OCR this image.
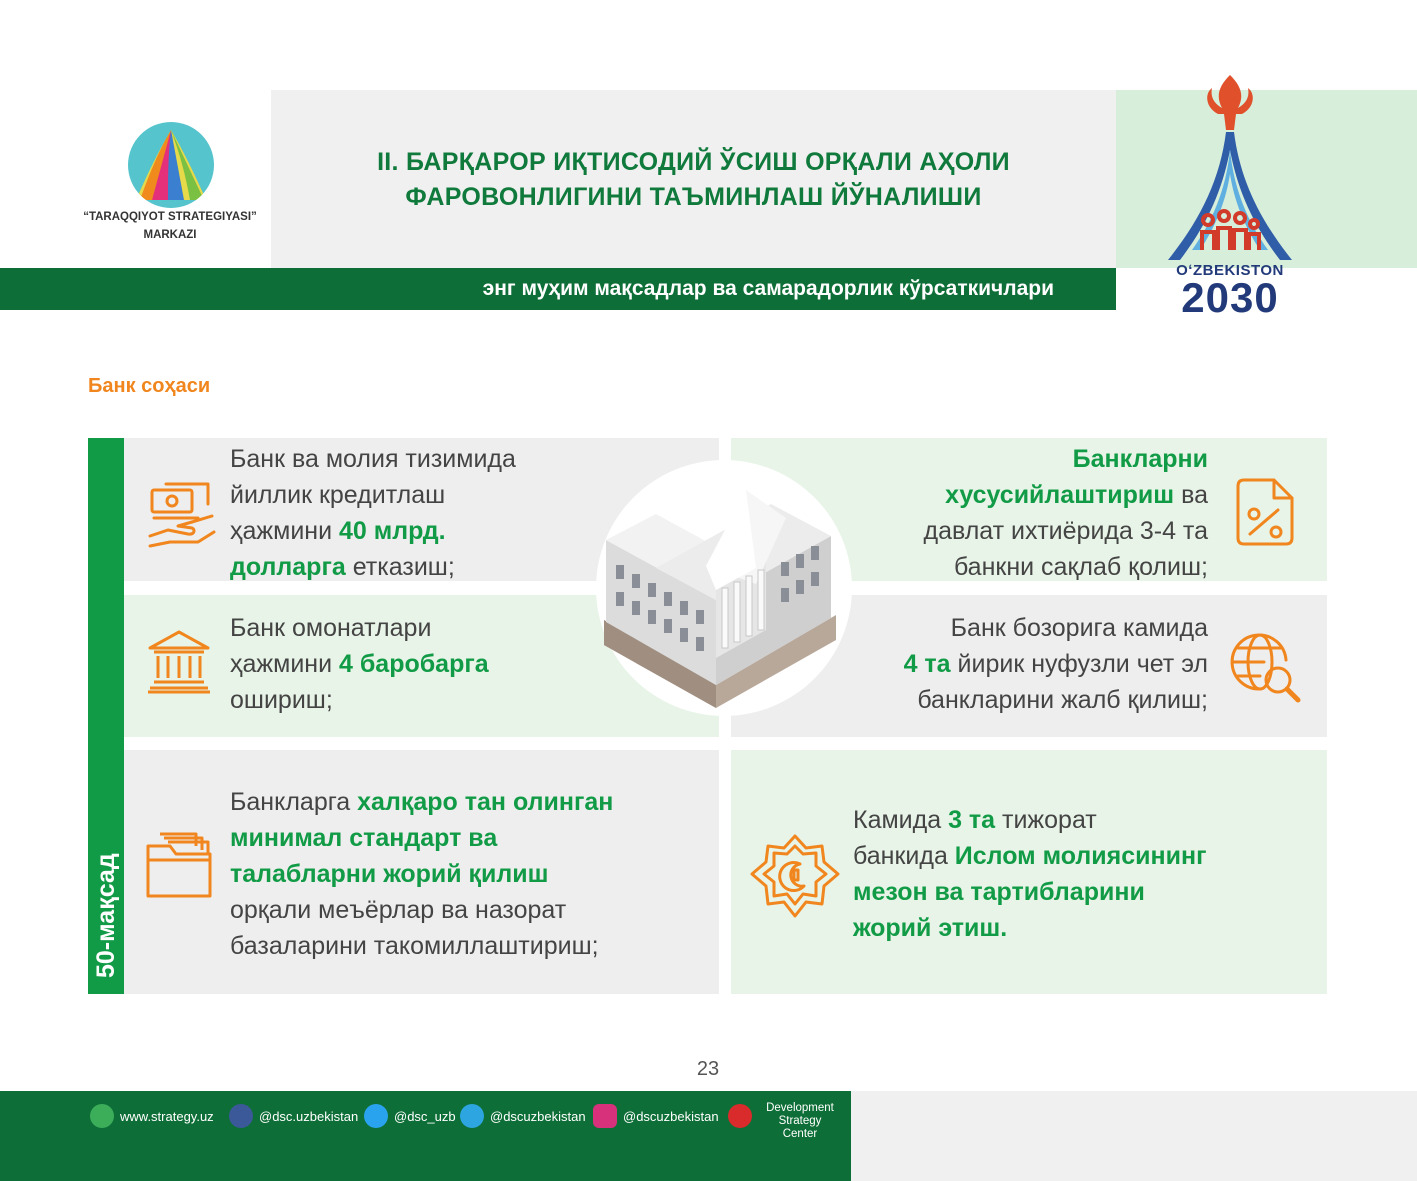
“TARAQQIYOT STRATEGIYASI”
MARKAZI
II. БАРҚАРОР ИҚТИСОДИЙ ЎСИШ ОРҚАЛИ АҲОЛИ
ФАРОВОНЛИГИНИ ТАЪМИНЛАШ ЙЎНАЛИШИ
энг муҳим мақсадлар ва самарадорлик кўрсаткичлари
OʻZBEKISTON
2030
Банк соҳаси
50-мақсад
Банк ва молия тизимида
йиллик кредитлаш
ҳажмини 40 млрд.
долларга етказиш;
Банк омонатлари
ҳажмини 4 баробарга
ошириш;
Банкларга халқаро тан олинган
минимал стандарт ва
талабларни жорий қилиш
орқали меъёрлар ва назорат
базаларини такомиллаштириш;
Банкларни
хусусийлаштириш ва
давлат ихтиёрида 3-4 та
банкни сақлаб қолиш;
Банк бозорига камида
4 та йирик нуфузли чет эл
банкларини жалб қилиш;
Камида 3 та тижорат
банкида Ислом молиясининг
мезон ва тартибларини
жорий этиш.
23
www.strategy.uz	@dsc.uzbekistan	@dsc_uzb	@dscuzbekistan	@dscuzbekistan
Development
Strategy Center
